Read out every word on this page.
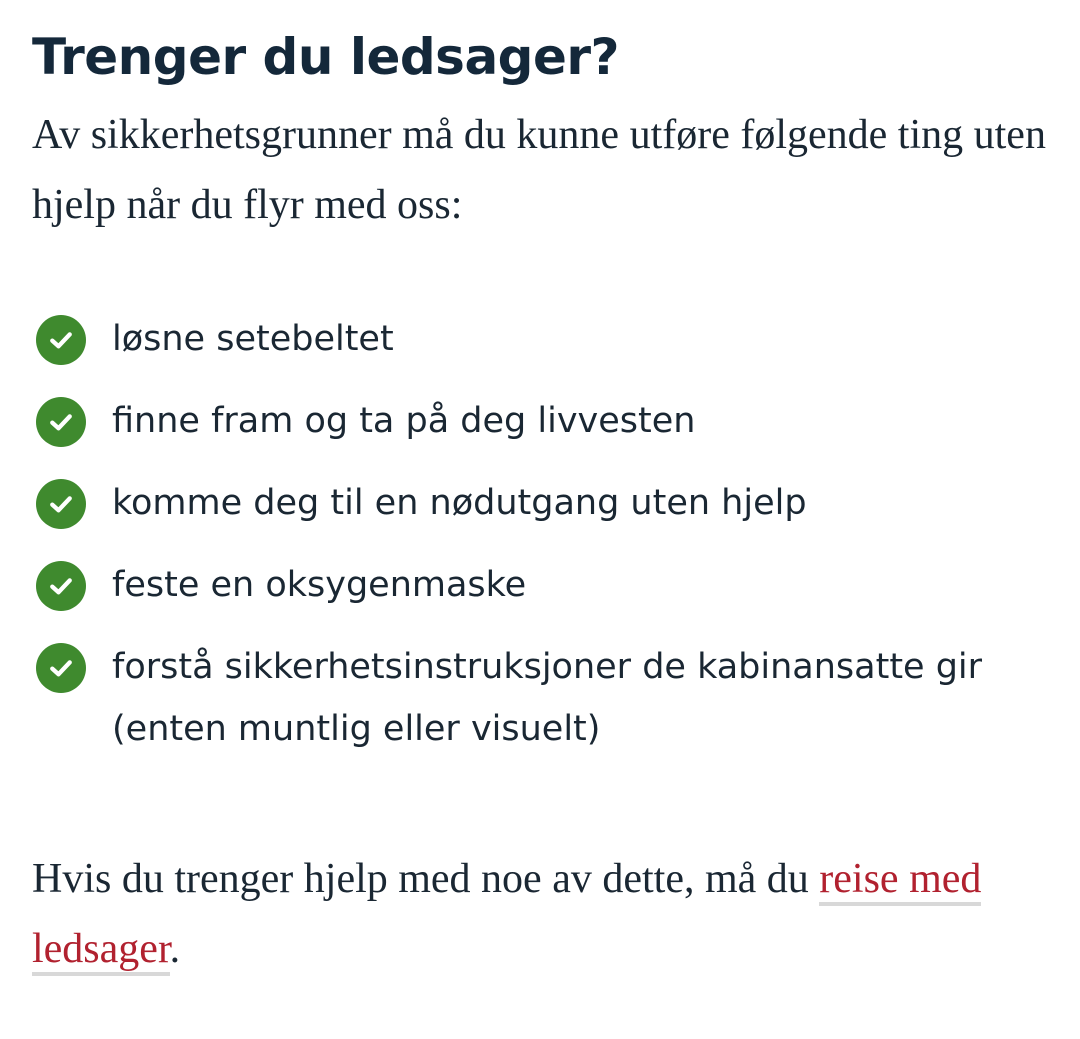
Trenger du ledsager?

Av sikkerhetsgrunner må du kunne utføre følgende ting uten hjelp når du flyr med oss:

løsne setebeltet
finne fram og ta på deg livvesten
komme deg til en nødutgang uten hjelp
feste en oksygenmaske
forstå sikkerhetsinstruksjoner de kabinansatte gir (enten muntlig eller visuelt)

Hvis du trenger hjelp med noe av dette, må du reise med ledsager.
